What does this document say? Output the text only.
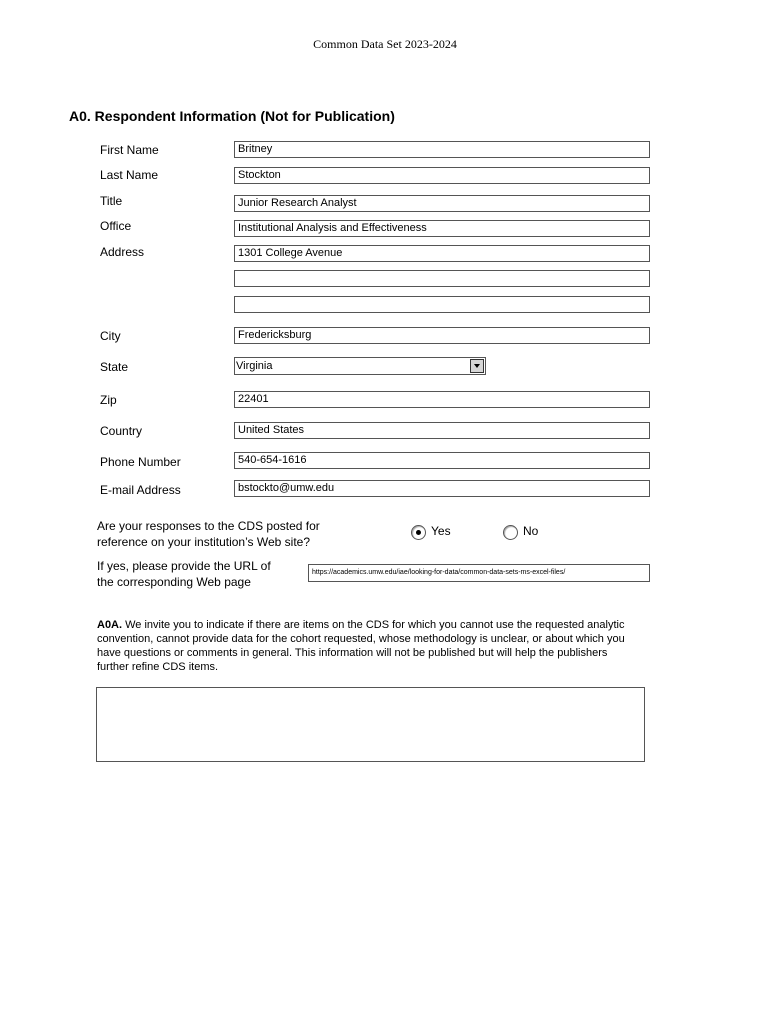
Common Data Set 2023-2024
A0. Respondent Information (Not for Publication)
First Name	Britney
Last Name	Stockton
Title	Junior Research Analyst
Office	Institutional Analysis and Effectiveness
Address	1301 College Avenue
City	Fredericksburg
State	Virginia
Zip	22401
Country	United States
Phone Number	540-654-1616
E-mail Address	bstockto@umw.edu
Are your responses to the CDS posted for
reference on your institution’s Web site?
Yes	No
If yes, please provide the URL of
the corresponding Web page
https://academics.umw.edu/iae/looking-for-data/common-data-sets-ms-excel-files/
A0A. We invite you to indicate if there are items on the CDS for which you cannot use the requested analytic convention, cannot provide data for the cohort requested, whose methodology is unclear, or about which you have questions or comments in general. This information will not be published but will help the publishers further refine CDS items.
